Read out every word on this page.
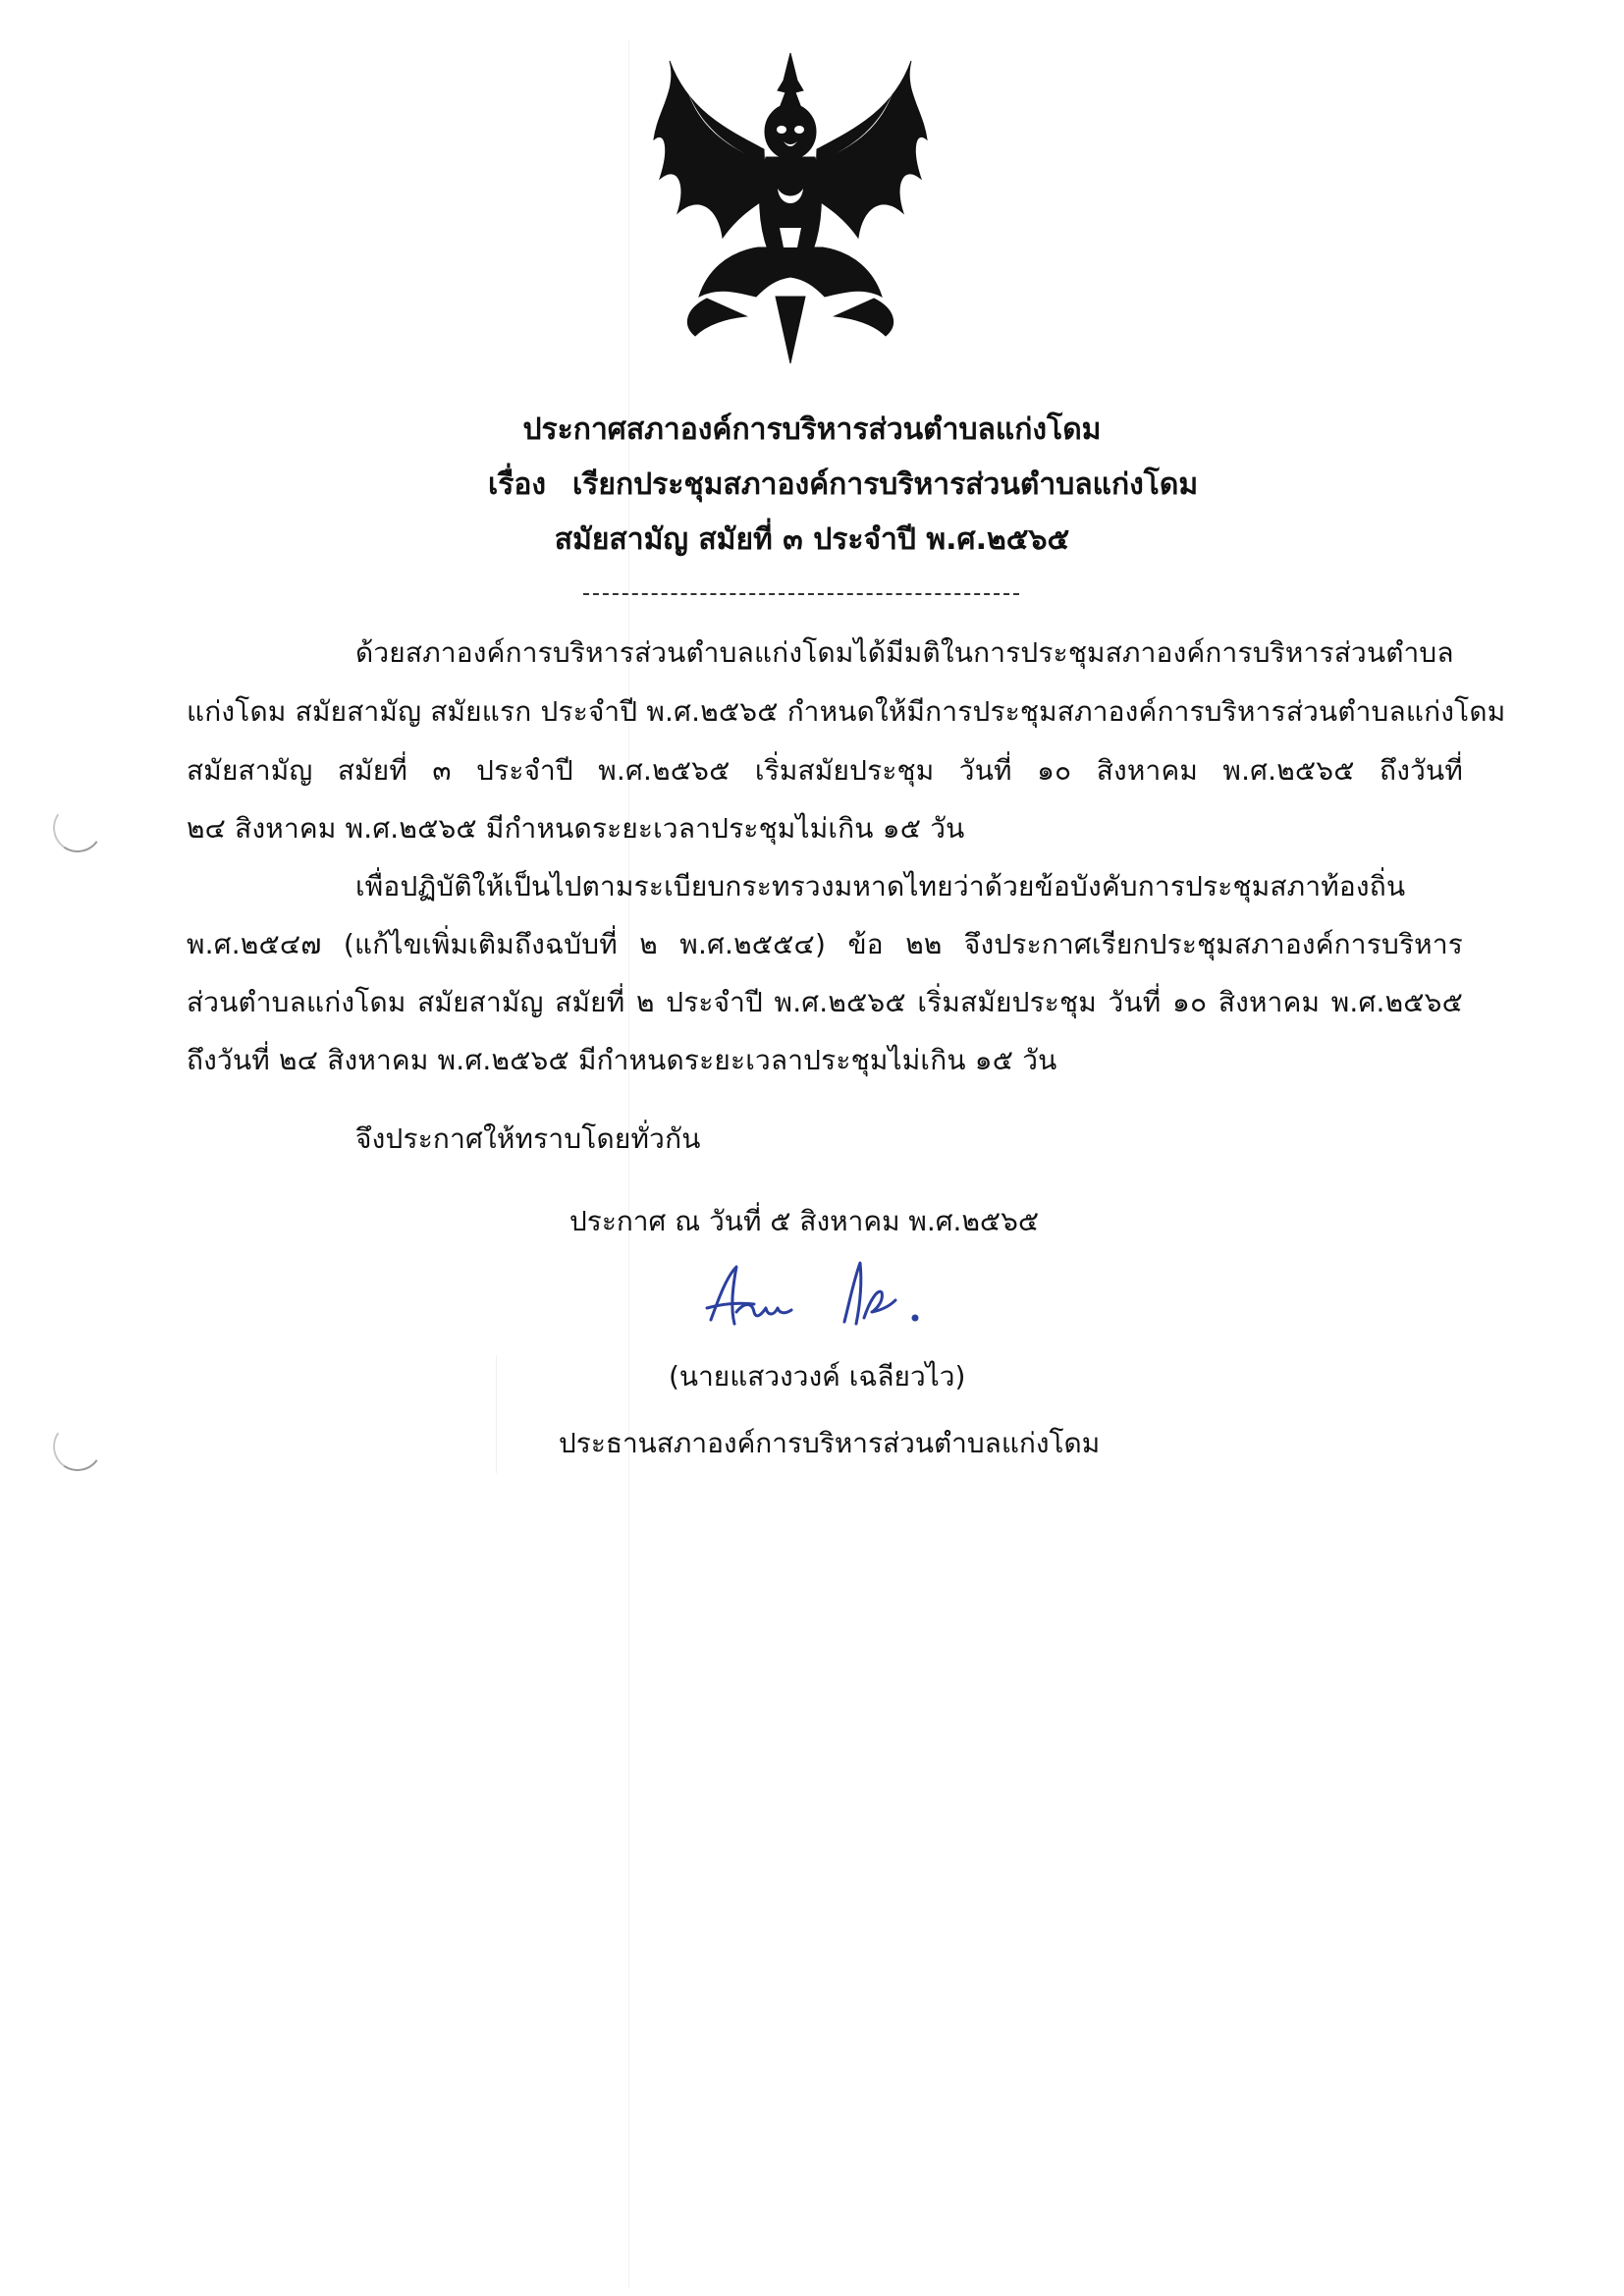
ประกาศสภาองค์การบริหารส่วนตำบลแก่งโดม
เรื่อง เรียกประชุมสภาองค์การบริหารส่วนตำบลแก่งโดม
สมัยสามัญ สมัยที่ ๓ ประจำปี พ.ศ.๒๕๖๕
ด้วยสภาองค์การบริหารส่วนตำบลแก่งโดมได้มีมติในการประชุมสภาองค์การบริหารส่วนตำบล
แก่งโดม สมัยสามัญ สมัยแรก ประจำปี พ.ศ.๒๕๖๕ กำหนดให้มีการประชุมสภาองค์การบริหารส่วนตำบลแก่งโดม
สมัยสามัญ สมัยที่ ๓ ประจำปี พ.ศ.๒๕๖๕ เริ่มสมัยประชุม วันที่ ๑๐ สิงหาคม พ.ศ.๒๕๖๕ ถึงวันที่
๒๔ สิงหาคม พ.ศ.๒๕๖๕ มีกำหนดระยะเวลาประชุมไม่เกิน ๑๕ วัน
เพื่อปฏิบัติให้เป็นไปตามระเบียบกระทรวงมหาดไทยว่าด้วยข้อบังคับการประชุมสภาท้องถิ่น
พ.ศ.๒๕๔๗ (แก้ไขเพิ่มเติมถึงฉบับที่ ๒ พ.ศ.๒๕๕๔) ข้อ ๒๒ จึงประกาศเรียกประชุมสภาองค์การบริหาร
ส่วนตำบลแก่งโดม สมัยสามัญ สมัยที่ ๒ ประจำปี พ.ศ.๒๕๖๕ เริ่มสมัยประชุม วันที่ ๑๐ สิงหาคม พ.ศ.๒๕๖๕
ถึงวันที่ ๒๔ สิงหาคม พ.ศ.๒๕๖๕ มีกำหนดระยะเวลาประชุมไม่เกิน ๑๕ วัน
จึงประกาศให้ทราบโดยทั่วกัน
ประกาศ ณ วันที่ ๕ สิงหาคม พ.ศ.๒๕๖๕
(นายแสวงวงค์ เฉลียวไว)
ประธานสภาองค์การบริหารส่วนตำบลแก่งโดม
